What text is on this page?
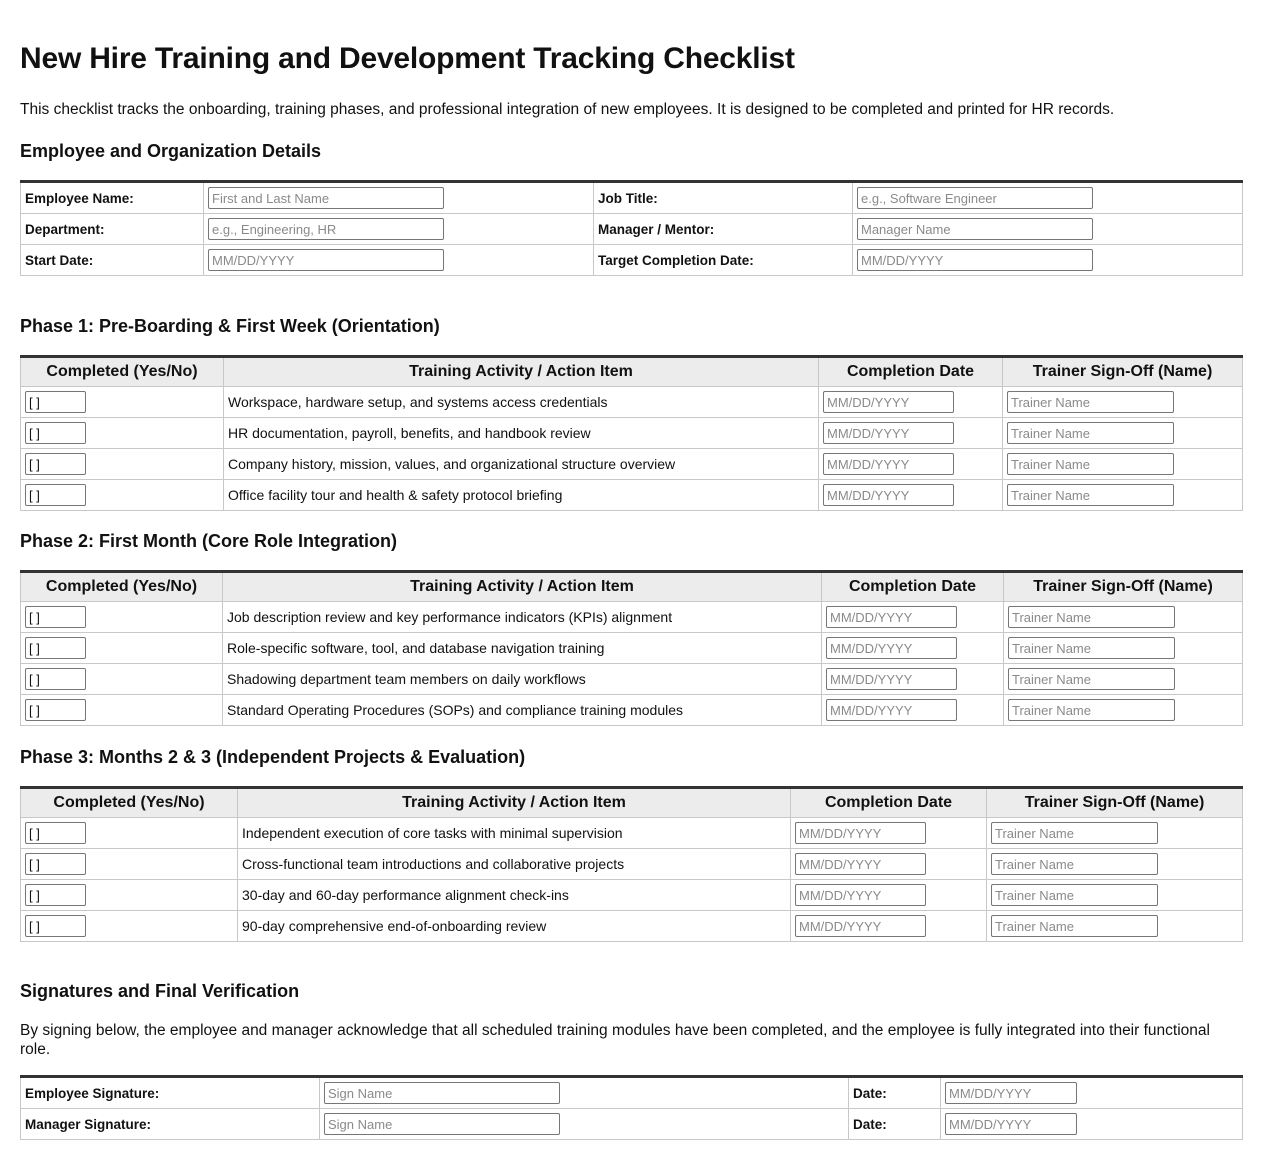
New Hire Training and Development Tracking Checklist

This checklist tracks the onboarding, training phases, and professional integration of new employees. It is designed to be completed and printed for HR records.

Employee and Organization Details
Employee Name:	First and Last Name	Job Title:	e.g., Software Engineer
Department:	e.g., Engineering, HR	Manager / Mentor:	Manager Name
Start Date:	MM/DD/YYYY	Target Completion Date:	MM/DD/YYYY
Phase 1: Pre-Boarding & First Week (Orientation)
Completed (Yes/No)	Training Activity / Action Item	Completion Date	Trainer Sign-Off (Name)
[ ]	Workspace, hardware setup, and systems access credentials	MM/DD/YYYY	Trainer Name
[ ]	HR documentation, payroll, benefits, and handbook review	MM/DD/YYYY	Trainer Name
[ ]	Company history, mission, values, and organizational structure overview	MM/DD/YYYY	Trainer Name
[ ]	Office facility tour and health & safety protocol briefing	MM/DD/YYYY	Trainer Name
Phase 2: First Month (Core Role Integration)
Completed (Yes/No)	Training Activity / Action Item	Completion Date	Trainer Sign-Off (Name)
[ ]	Job description review and key performance indicators (KPIs) alignment	MM/DD/YYYY	Trainer Name
[ ]	Role-specific software, tool, and database navigation training	MM/DD/YYYY	Trainer Name
[ ]	Shadowing department team members on daily workflows	MM/DD/YYYY	Trainer Name
[ ]	Standard Operating Procedures (SOPs) and compliance training modules	MM/DD/YYYY	Trainer Name
Phase 3: Months 2 & 3 (Independent Projects & Evaluation)
Completed (Yes/No)	Training Activity / Action Item	Completion Date	Trainer Sign-Off (Name)
[ ]	Independent execution of core tasks with minimal supervision	MM/DD/YYYY	Trainer Name
[ ]	Cross-functional team introductions and collaborative projects	MM/DD/YYYY	Trainer Name
[ ]	30-day and 60-day performance alignment check-ins	MM/DD/YYYY	Trainer Name
[ ]	90-day comprehensive end-of-onboarding review	MM/DD/YYYY	Trainer Name
Signatures and Final Verification

By signing below, the employee and manager acknowledge that all scheduled training modules have been completed, and the employee is fully integrated into their functional role.

Employee Signature:	Sign Name	Date:	MM/DD/YYYY
Manager Signature:	Sign Name	Date:	MM/DD/YYYY
